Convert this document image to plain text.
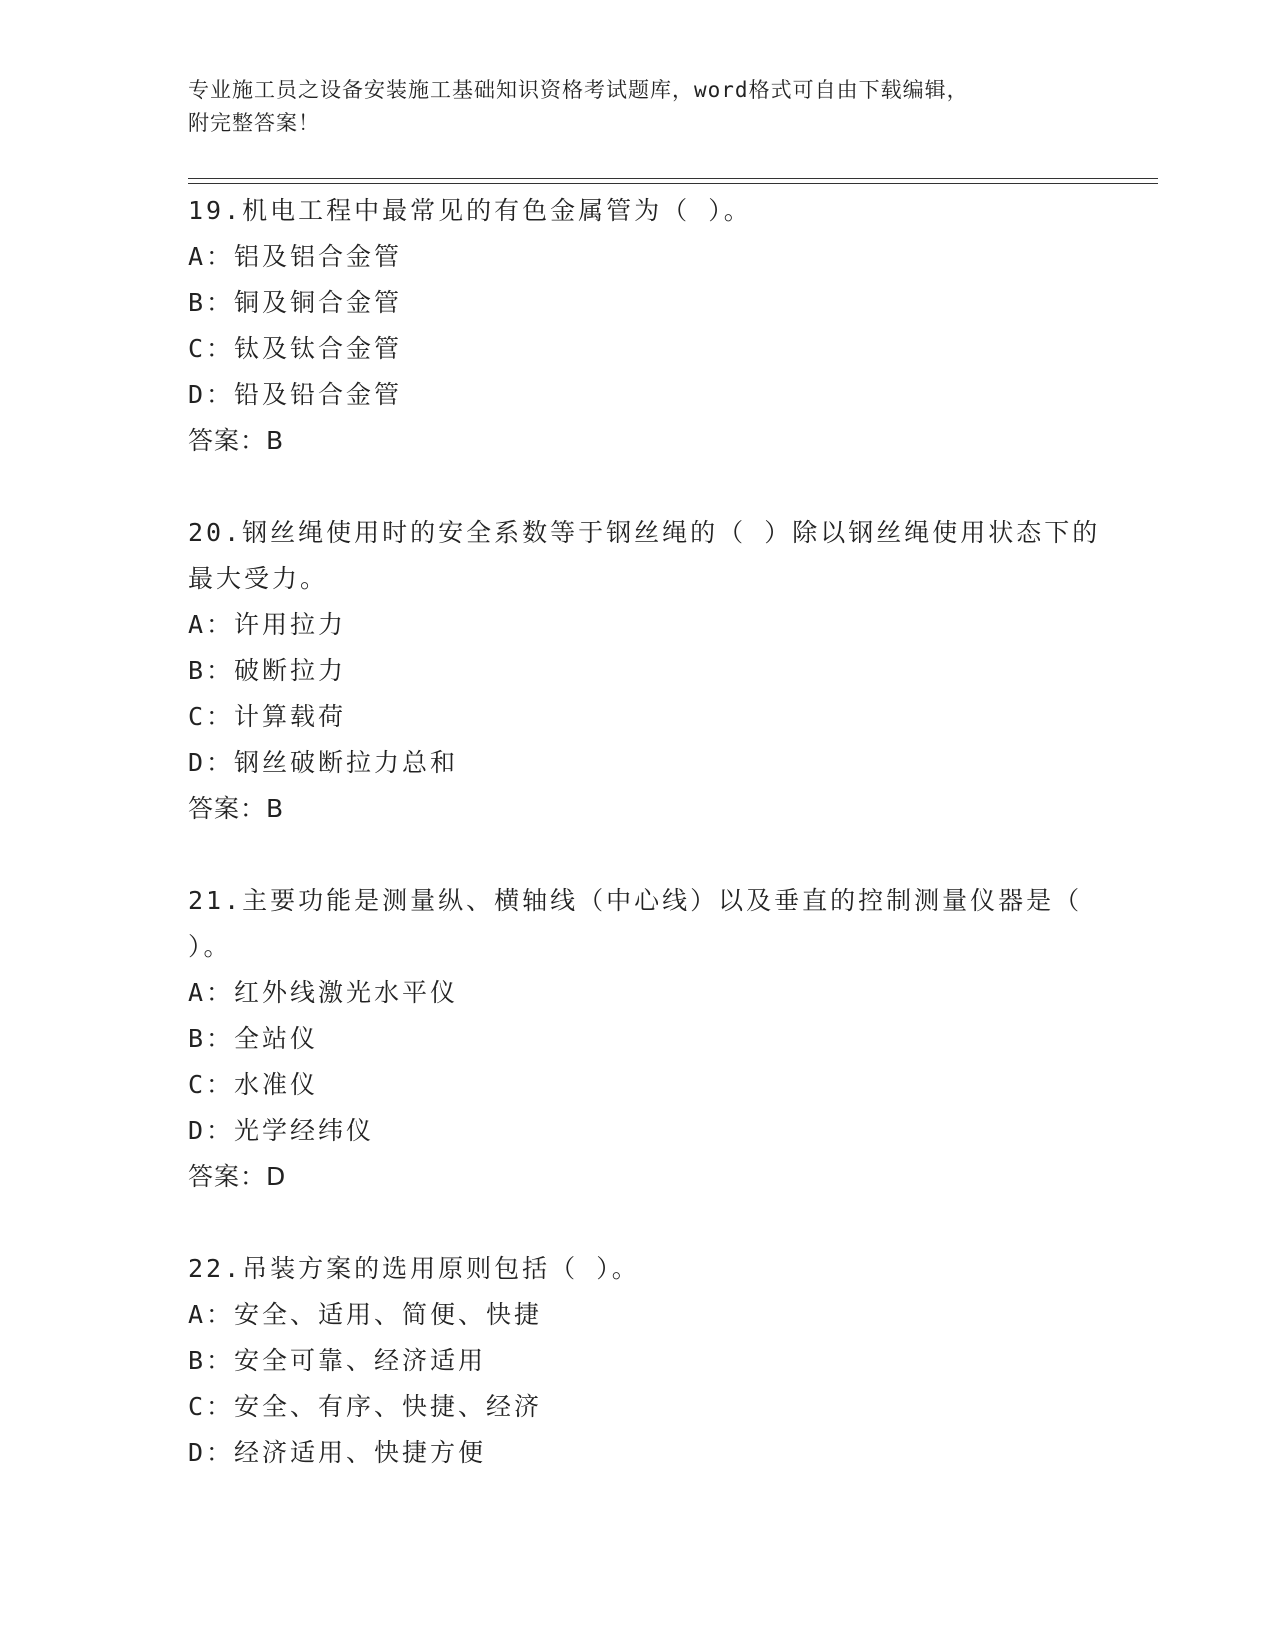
专业施工员之设备安装施工基础知识资格考试题库，word格式可自由下载编辑，
附完整答案！

19.机电工程中最常见的有色金属管为（ ）。

A：铝及铝合金管

B：铜及铜合金管

C：钛及钛合金管

D：铅及铅合金管

答案：B

20.钢丝绳使用时的安全系数等于钢丝绳的（ ）除以钢丝绳使用状态下的最大受力。

A：许用拉力

B：破断拉力

C：计算载荷

D：钢丝破断拉力总和

答案：B

21.主要功能是测量纵、横轴线（中心线）以及垂直的控制测量仪器是（ ）。

A：红外线激光水平仪

B：全站仪

C：水准仪

D：光学经纬仪

答案：D

22.吊装方案的选用原则包括（ ）。

A：安全、适用、简便、快捷

B：安全可靠、经济适用

C：安全、有序、快捷、经济

D：经济适用、快捷方便
